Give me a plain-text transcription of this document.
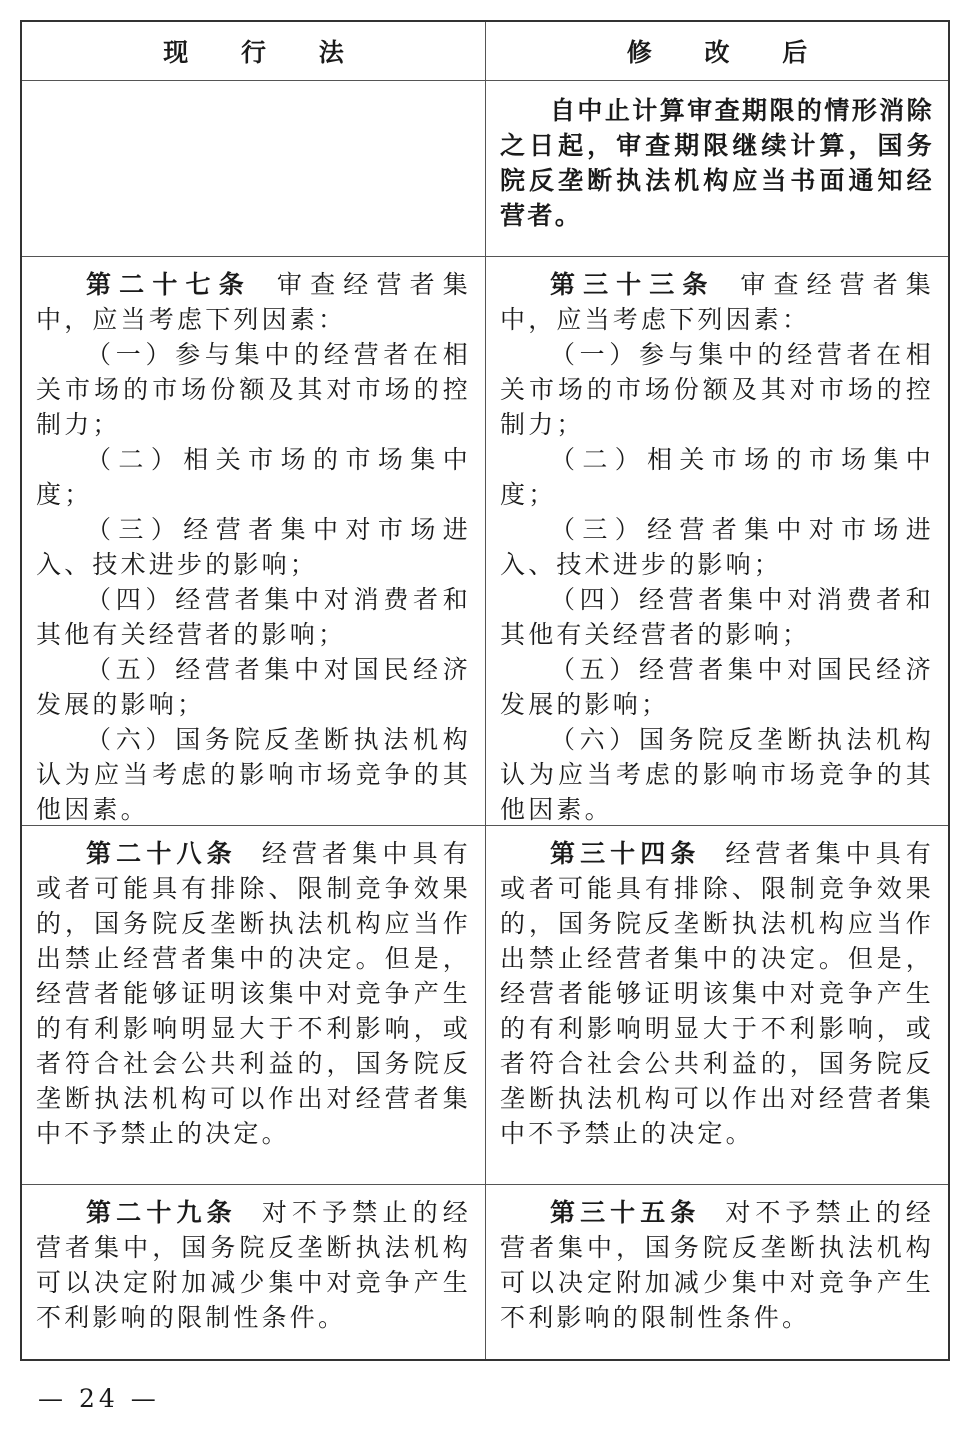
现 行 法	修 改 后

自中止计算审查期限的情形消除之日起，审查期限继续计算，国务院反垄断执法机构应当书面通知经营者。

第二十七条 审查经营者集中，应当考虑下列因素：

（一）参与集中的经营者在相关市场的市场份额及其对市场的控制力；

（二）相关市场的市场集中度；

（三）经营者集中对市场进入、技术进步的影响；

（四）经营者集中对消费者和其他有关经营者的影响；

（五）经营者集中对国民经济发展的影响；

（六）国务院反垄断执法机构认为应当考虑的影响市场竞争的其他因素。

第三十三条 审查经营者集中，应当考虑下列因素：

（一）参与集中的经营者在相关市场的市场份额及其对市场的控制力；

（二）相关市场的市场集中度；

（三）经营者集中对市场进入、技术进步的影响；

（四）经营者集中对消费者和其他有关经营者的影响；

（五）经营者集中对国民经济发展的影响；

（六）国务院反垄断执法机构认为应当考虑的影响市场竞争的其他因素。

第二十八条 经营者集中具有或者可能具有排除、限制竞争效果的，国务院反垄断执法机构应当作出禁止经营者集中的决定。但是，经营者能够证明该集中对竞争产生的有利影响明显大于不利影响，或者符合社会公共利益的，国务院反垄断执法机构可以作出对经营者集中不予禁止的决定。

第三十四条 经营者集中具有或者可能具有排除、限制竞争效果的，国务院反垄断执法机构应当作出禁止经营者集中的决定。但是，经营者能够证明该集中对竞争产生的有利影响明显大于不利影响，或者符合社会公共利益的，国务院反垄断执法机构可以作出对经营者集中不予禁止的决定。

第二十九条 对不予禁止的经营者集中，国务院反垄断执法机构可以决定附加减少集中对竞争产生不利影响的限制性条件。

第三十五条 对不予禁止的经营者集中，国务院反垄断执法机构可以决定附加减少集中对竞争产生不利影响的限制性条件。

— 24 —
